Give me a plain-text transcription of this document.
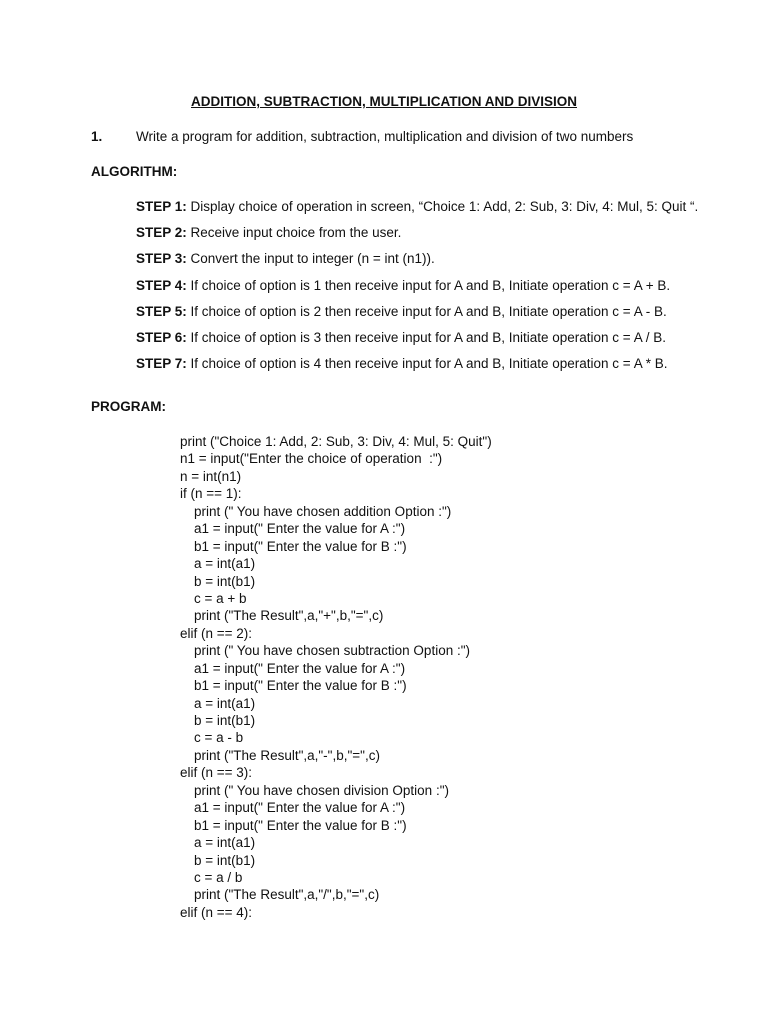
ADDITION, SUBTRACTION, MULTIPLICATION AND DIVISION
1. Write a program for addition, subtraction, multiplication and division of two numbers
ALGORITHM:
STEP 1: Display choice of operation in screen, “Choice 1: Add, 2: Sub, 3: Div, 4: Mul, 5: Quit “.
STEP 2: Receive input choice from the user.
STEP 3: Convert the input to integer (n = int (n1)).
STEP 4: If choice of option is 1 then receive input for A and B, Initiate operation c = A + B.
STEP 5: If choice of option is 2 then receive input for A and B, Initiate operation c = A - B.
STEP 6: If choice of option is 3 then receive input for A and B, Initiate operation c = A / B.
STEP 7: If choice of option is 4 then receive input for A and B, Initiate operation c = A * B.
PROGRAM:
print ("Choice 1: Add, 2: Sub, 3: Div, 4: Mul, 5: Quit")
n1 = input("Enter the choice of operation  :")
n = int(n1)
if (n == 1):
print (" You have chosen addition Option :")
a1 = input(" Enter the value for A :")
b1 = input(" Enter the value for B :")
a = int(a1)
b = int(b1)
c = a + b
print ("The Result",a,"+",b,"=",c)
elif (n == 2):
print (" You have chosen subtraction Option :")
a1 = input(" Enter the value for A :")
b1 = input(" Enter the value for B :")
a = int(a1)
b = int(b1)
c = a - b
print ("The Result",a,"-",b,"=",c)
elif (n == 3):
print (" You have chosen division Option :")
a1 = input(" Enter the value for A :")
b1 = input(" Enter the value for B :")
a = int(a1)
b = int(b1)
c = a / b
print ("The Result",a,"/",b,"=",c)
elif (n == 4):
